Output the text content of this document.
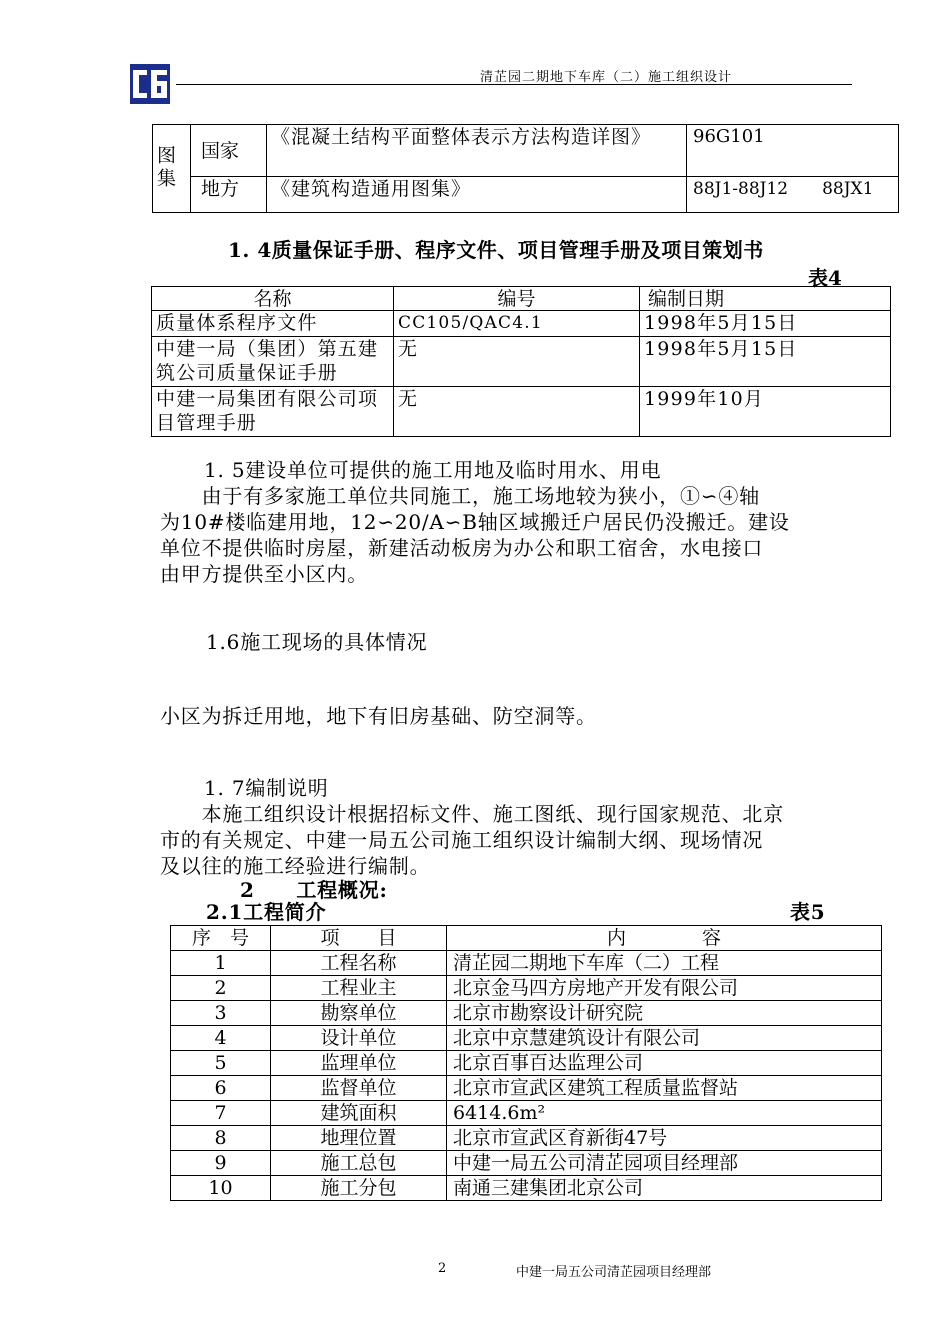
清芷园二期地下车库（二）施工组织设计
图集	国家	《混凝土结构平面整体表示方法构造详图》	96G101
	地方	《建筑构造通用图集》	88J1-88J12　　88JX1
1. 4质量保证手册、程序文件、项目管理手册及项目策划书
表4
名称	编号	编制日期
质量体系程序文件	CC105/QAC4.1	1998年5月15日
中建一局（集团）第五建筑公司质量保证手册	无	1998年5月15日
中建一局集团有限公司项目管理手册	无	1999年10月
1. 5建设单位可提供的施工用地及临时用水、用电
　　由于有多家施工单位共同施工，施工场地较为狭小，①∽④轴
为10#楼临建用地，12∽20/A∽B轴区域搬迁户居民仍没搬迁。建设
单位不提供临时房屋，新建活动板房为办公和职工宿舍，水电接口
由甲方提供至小区内。
1.6施工现场的具体情况
小区为拆迁用地，地下有旧房基础、防空洞等。
1. 7编制说明
　　本施工组织设计根据招标文件、施工图纸、现行国家规范、北京
市的有关规定、中建一局五公司施工组织设计编制大纲、现场情况
及以往的施工经验进行编制。
2　　工程概况:
2.1工程简介	表5
序　号	项　　目	内　　　　容
1	工程名称	清芷园二期地下车库（二）工程
2	工程业主	北京金马四方房地产开发有限公司
3	勘察单位	北京市勘察设计研究院
4	设计单位	北京中京慧建筑设计有限公司
5	监理单位	北京百事百达监理公司
6	监督单位	北京市宣武区建筑工程质量监督站
7	建筑面积	6414.6m²
8	地理位置	北京市宣武区育新街47号
9	施工总包	中建一局五公司清芷园项目经理部
10	施工分包	南通三建集团北京公司
2	中建一局五公司清芷园项目经理部
